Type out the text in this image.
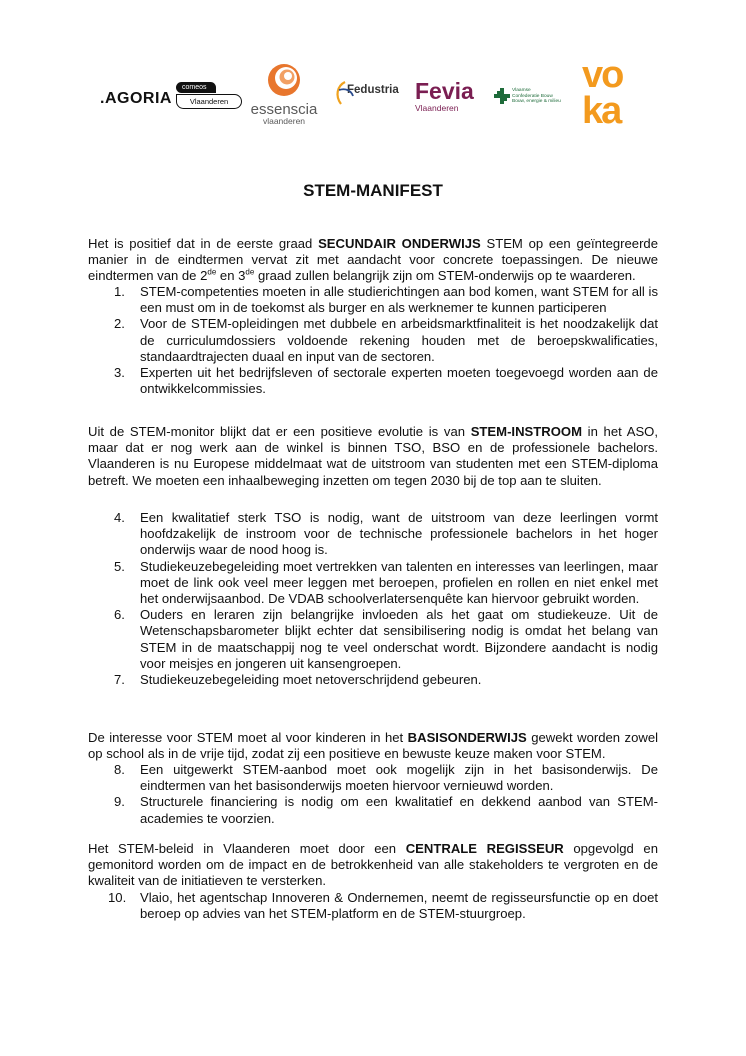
.AGORIA
comeos
Vlaanderen	essenscia
vlaanderen
Fedustria Fevia
Vlaanderen
Vlaamse
Confederatie Bouw
Bouw, energie & milieu
vo
ka
STEM-MANIFEST
Het is positief dat in de eerste graad SECUNDAIR ONDERWIJS STEM op een geïntegreerde manier in de eindtermen vervat zit met aandacht voor concrete toepassingen. De nieuwe eindtermen van de 2de en 3de graad zullen belangrijk zijn om STEM-onderwijs op te waarderen.
1. STEM-competenties moeten in alle studierichtingen aan bod komen, want STEM for all is een must om in de toekomst als burger en als werknemer te kunnen participeren
2. Voor de STEM-opleidingen met dubbele en arbeidsmarktfinaliteit is het noodzakelijk dat de curriculumdossiers voldoende rekening houden met de beroepskwalificaties, standaardtrajecten duaal en input van de sectoren.
3. Experten uit het bedrijfsleven of sectorale experten moeten toegevoegd worden aan de ontwikkelcommissies.
Uit de STEM-monitor blijkt dat er een positieve evolutie is van STEM-INSTROOM in het ASO, maar dat er nog werk aan de winkel is binnen TSO, BSO en de professionele bachelors. Vlaanderen is nu Europese middelmaat wat de uitstroom van studenten met een STEM-diploma betreft. We moeten een inhaalbeweging inzetten om tegen 2030 bij de top aan te sluiten.
4. Een kwalitatief sterk TSO is nodig, want de uitstroom van deze leerlingen vormt hoofdzakelijk de instroom voor de technische professionele bachelors in het hoger onderwijs waar de nood hoog is.
5. Studiekeuzebegeleiding moet vertrekken van talenten en interesses van leerlingen, maar moet de link ook veel meer leggen met beroepen, profielen en rollen en niet enkel met het onderwijsaanbod. De VDAB schoolverlatersenquête kan hiervoor gebruikt worden.
6. Ouders en leraren zijn belangrijke invloeden als het gaat om studiekeuze. Uit de Wetenschapsbarometer blijkt echter dat sensibilisering nodig is omdat het belang van STEM in de maatschappij nog te veel onderschat wordt. Bijzondere aandacht is nodig voor meisjes en jongeren uit kansengroepen.
7. Studiekeuzebegeleiding moet netoverschrijdend gebeuren.
De interesse voor STEM moet al voor kinderen in het BASISONDERWIJS gewekt worden zowel op school als in de vrije tijd, zodat zij een positieve en bewuste keuze maken voor STEM.
8. Een uitgewerkt STEM-aanbod moet ook mogelijk zijn in het basisonderwijs. De eindtermen van het basisonderwijs moeten hiervoor vernieuwd worden.
9. Structurele financiering is nodig om een kwalitatief en dekkend aanbod van STEM-academies te voorzien.
Het STEM-beleid in Vlaanderen moet door een CENTRALE REGISSEUR opgevolgd en gemonitord worden om de impact en de betrokkenheid van alle stakeholders te vergroten en de kwaliteit van de initiatieven te versterken.
10. Vlaio, het agentschap Innoveren & Ondernemen, neemt de regisseursfunctie op en doet beroep op advies van het STEM-platform en de STEM-stuurgroep.
